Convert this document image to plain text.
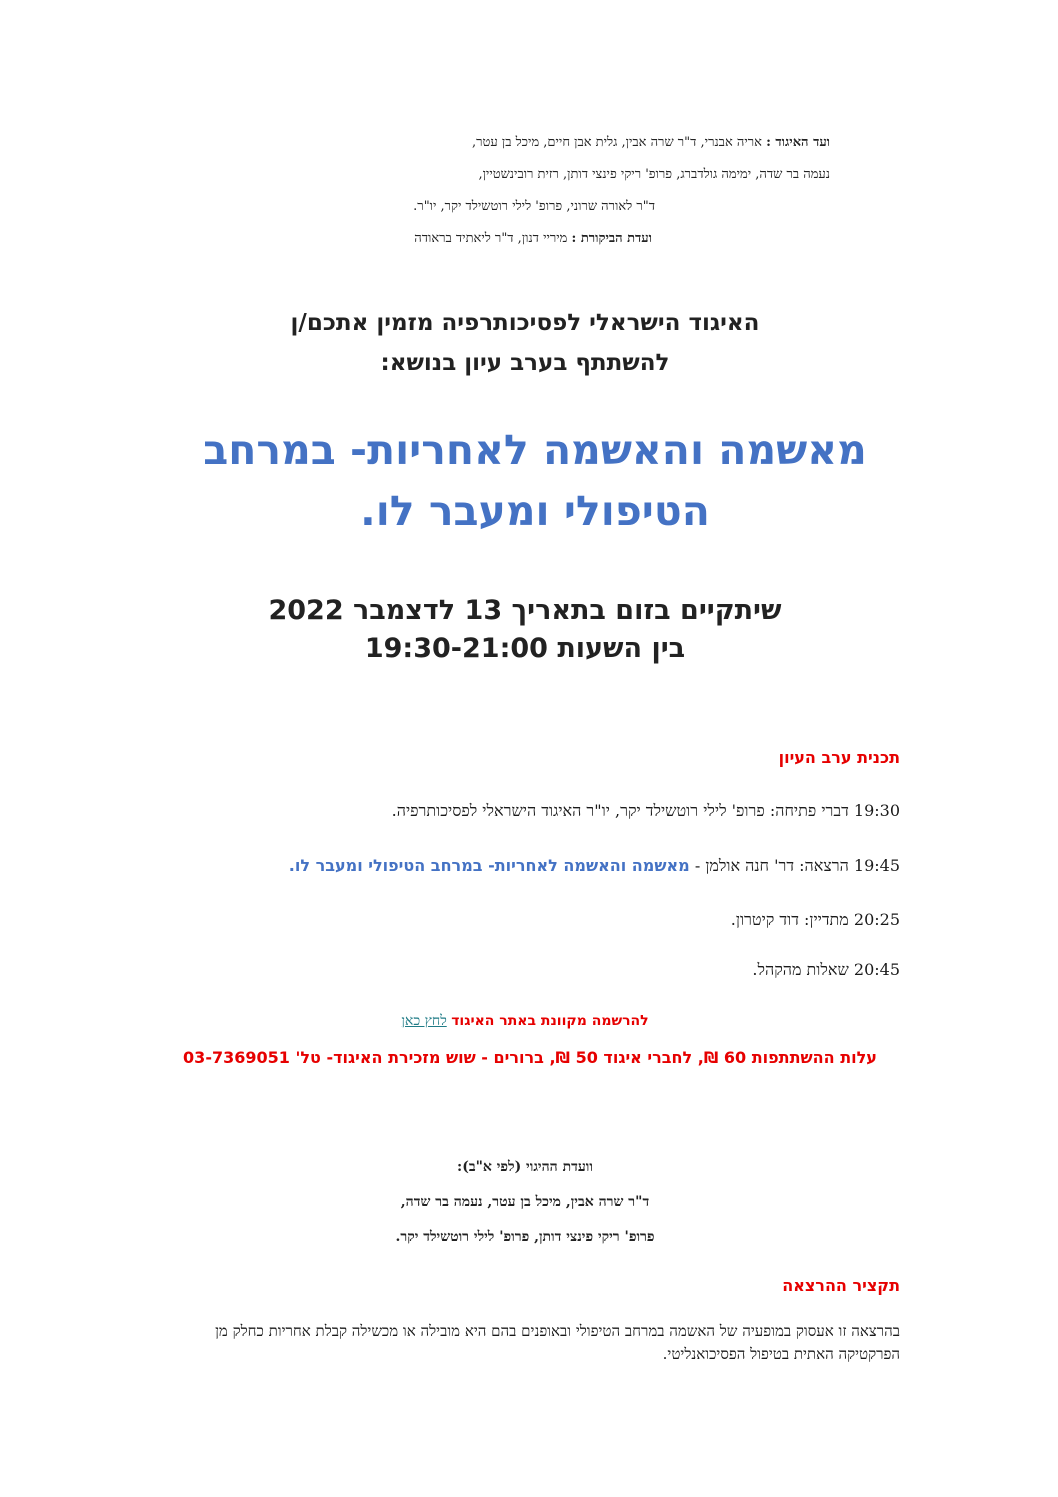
ועד האיגוד : אריה אבנרי, ד"ר שרה אבין, גלית אבן חיים, מיכל בן עטר,
נעמה בר שדה, ימימה גולדברג, פרופ' ריקי פינצי דותן, רזית רובינשטיין,
ד"ר לאורה שרוני, פרופ' לילי רוטשילד יקר, יו"ר.
ועדת הביקורת : מיריי דנון, ד"ר ליאתיד בראודה
האיגוד הישראלי לפסיכותרפיה מזמין אתכם/ן
להשתתף בערב עיון בנושא:
מאשמה והאשמה לאחריות- במרחב
הטיפולי ומעבר לו.
שיתקיים בזום בתאריך 13 לדצמבר 2022
בין השעות 19:30-21:00
תכנית ערב העיון
19:30 דברי פתיחה: פרופ' לילי רוטשילד יקר, יו"ר האיגוד הישראלי לפסיכותרפיה.
19:45 הרצאה: דר' חנה אולמן - מאשמה והאשמה לאחריות- במרחב הטיפולי ומעבר לו.
20:25 מתדיין: דוד קיטרון.
20:45 שאלות מהקהל.
להרשמה מקוונת באתר האיגוד לחץ כאן
עלות ההשתתפות 60 ₪, לחברי איגוד 50 ₪, ברורים - שוש מזכירת האיגוד- טל' 03-7369051
וועדת ההיגוי (לפי א"ב):
ד"ר שרה אבין, מיכל בן עטר, נעמה בר שדה,
פרופ' ריקי פינצי דותן, פרופ' לילי רוטשילד יקר.
תקציר ההרצאה
בהרצאה זו אעסוק במופעיה של האשמה במרחב הטיפולי ובאופנים בהם היא מובילה או מכשילה קבלת אחריות כחלק מן הפרקטיקה האתית בטיפול הפסיכואנליטי.
